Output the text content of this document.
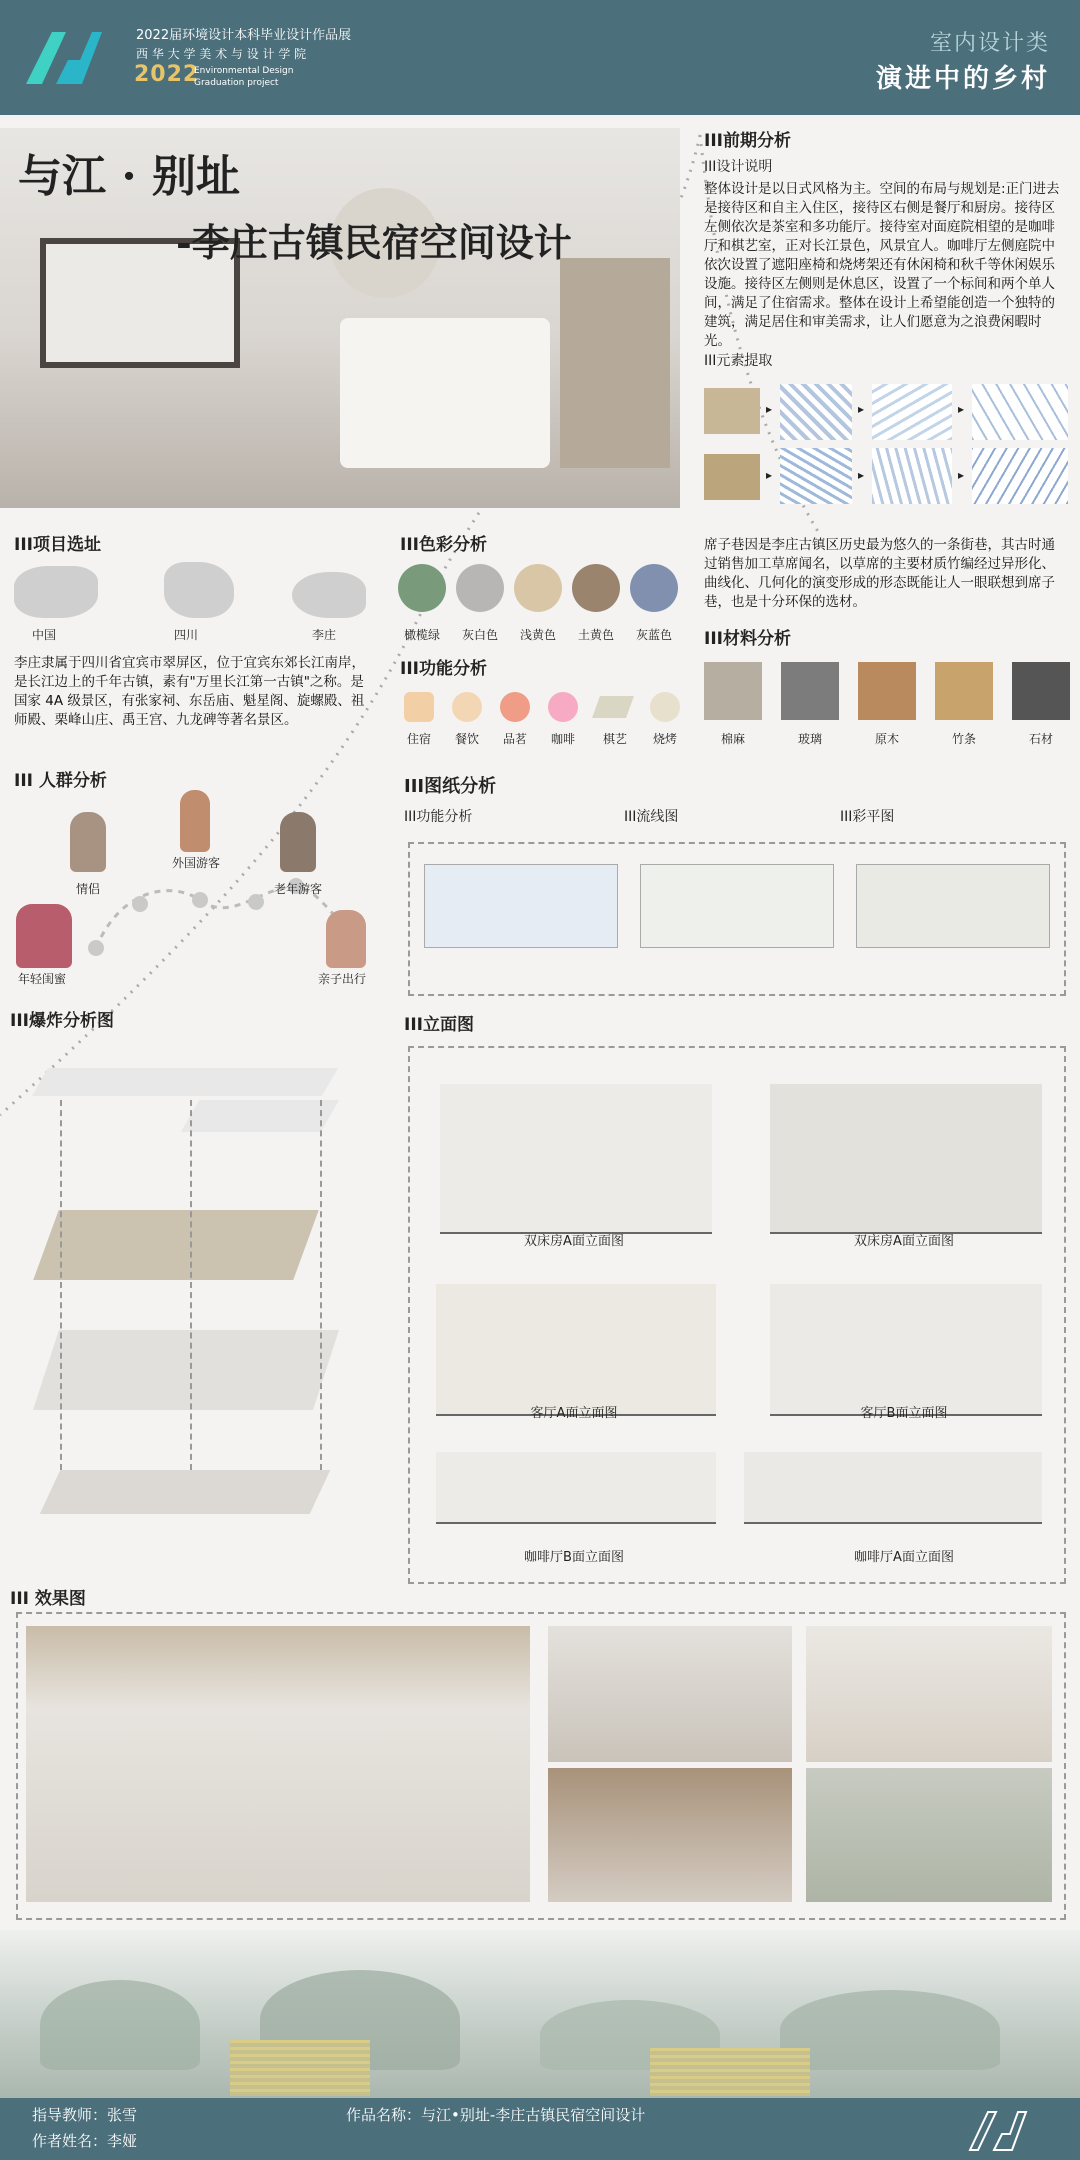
2022届环境设计本科毕业设计作品展
西 华 大 学 美 术 与 设 计 学 院
2022
Environmental Design
Graduation project
室内设计类
演进中的乡村
与江 · 别址
-李庄古镇民宿空间设计
III前期分析
III设计说明
整体设计是以日式风格为主。空间的布局与规划是:正门进去是接待区和自主入住区，接待区右侧是餐厅和厨房。接待区左侧依次是茶室和多功能厅。接待室对面庭院相望的是咖啡厅和棋艺室，正对长江景色，风景宜人。咖啡厅左侧庭院中依次设置了遮阳座椅和烧烤架还有休闲椅和秋千等休闲娱乐设施。接待区左侧则是休息区，设置了一个标间和两个单人间，满足了住宿需求。整体在设计上希望能创造一个独特的建筑，满足居住和审美需求，让人们愿意为之浪费闲暇时光。
III元素提取
▸	▸	▸
▸	▸	▸
席子巷因是李庄古镇区历史最为悠久的一条街巷，其古时通过销售加工草席闻名，以草席的主要材质竹编经过异形化、曲线化、几何化的演变形成的形态既能让人一眼联想到席子巷，也是十分环保的选材。
III项目选址
中国	四川	李庄
李庄隶属于四川省宜宾市翠屏区，位于宜宾东郊长江南岸，是长江边上的千年古镇，素有"万里长江第一古镇"之称。是国家 4A 级景区，有张家祠、东岳庙、魁星阁、旋螺殿、祖师殿、栗峰山庄、禹王宫、九龙碑等著名景区。
III色彩分析
橄榄绿	灰白色	浅黄色	土黄色	灰蓝色
III功能分析
住宿	餐饮	品茗	咖啡	棋艺	烧烤
III材料分析
棉麻	玻璃	原木	竹条	石材
III 人群分析
情侣
外国游客
老年游客
年轻闺蜜	亲子出行
III爆炸分析图
III图纸分析
III功能分析	III流线图	III彩平图
III立面图
双床房A面立面图	双床房A面立面图
客厅A面立面图	客厅B面立面图
咖啡厅B面立面图	咖啡厅A面立面图
III 效果图
指导教师：张雪
作者姓名：李娅
作品名称：与江•别址-李庄古镇民宿空间设计
